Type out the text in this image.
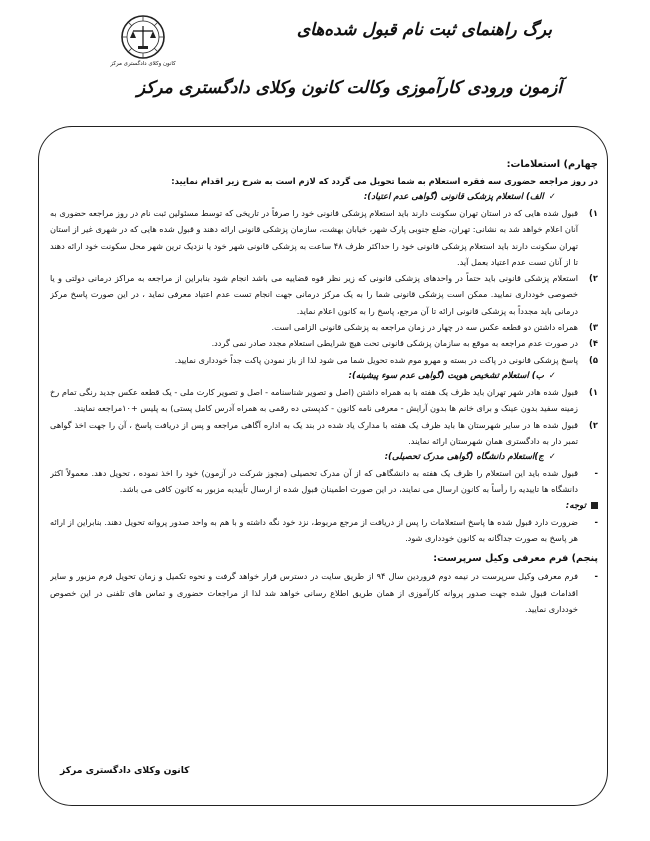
کانون وکلای دادگستری مرکز
برگ راهنمای ثبت نام قبول شده‌های
آزمون ورودی کارآموزی وکالت کانون وکلای دادگستری مرکز
چهارم) استعلامات:
در روز مراجعه حضوری سه فقره استعلام به شما تحویل می گردد که لازم است به شرح زیر اقدام نمایید:
✓الف) استعلام پزشکی قانونی (گواهی عدم اعتیاد):
۱)
قبول شده هایی که در استان تهران سکونت دارند باید استعلام پزشکی قانونی خود را صرفاً در تاریخی که توسط مسئولین ثبت نام در روز مراجعه حضوری به آنان اعلام خواهد شد به نشانی: تهران، ضلع جنوبی پارک شهر، خیابان بهشت، سازمان پزشکی قانونی ارائه دهند و قبول شده هایی که در شهری غیر از استان تهران سکونت دارند باید استعلام پزشکی قانونی خود را حداکثر ظرف ۴۸ ساعت به پزشکی قانونی شهر خود یا نزدیک ترین شهر محل سکونت خود ارائه دهند تا از آنان تست عدم اعتیاد بعمل آید.
۲)
استعلام پزشکی قانونی باید حتماً در واحدهای پزشکی قانونی که زیر نظر قوه قضاییه می باشد انجام شود بنابراین از مراجعه به مراکز درمانی دولتی و یا خصوصی خودداری نمایید. ممکن است پزشکی قانونی شما را به یک مرکز درمانی جهت انجام تست عدم اعتیاد معرفی نماید ، در این صورت پاسخ مرکز درمانی باید مجدداً به پزشکی قانونی ارائه تا آن مرجع، پاسخ را به کانون اعلام نماید.
۳)
همراه داشتن دو قطعه عکس سه در چهار در زمان مراجعه به پزشکی قانونی الزامی است.
۴)
در صورت عدم مراجعه به موقع به سازمان پزشکی قانونی تحت هیچ شرایطی استعلام مجدد صادر نمی گردد.
۵)
پاسخ پزشکی قانونی در پاکت در بسته و مهرو موم شده تحویل شما می شود لذا از باز نمودن پاکت جداً خودداری نمایید.
✓ب) استعلام تشخیص هویت (گواهی عدم سوء پیشینه):
۱)
قبول شده هادر شهر تهران باید ظرف یک هفته با به همراه داشتن (اصل و تصویر شناسنامه - اصل و تصویر کارت ملی - یک قطعه عکس جدید رنگی تمام رخ زمینه سفید بدون عینک و برای خانم ها بدون آرایش - معرفی نامه کانون - کدپستی ده رقمی به همراه آدرس کامل پستی) به پلیس +۱۰مراجعه نمایند.
۲)
قبول شده ها در سایر شهرستان ها باید ظرف یک هفته با مدارک یاد شده در بند یک به اداره آگاهی مراجعه و پس از دریافت پاسخ ، آن را جهت اخذ گواهی تمبر دار به دادگستری همان شهرستان ارائه نمایند.
✓ج)استعلام دانشگاه (گواهی مدرک تحصیلی):
-
قبول شده باید این استعلام را ظرف یک هفته به دانشگاهی که از آن مدرک تحصیلی (مجوز شرکت در آزمون) خود را اخذ نموده ، تحویل دهد. معمولاً اکثر دانشگاه ها تاییدیه را رأساً به کانون ارسال می نمایند، در این صورت اطمینان قبول شده از ارسال تأییدیه مزبور به کانون کافی می باشد.
توجه:
-
ضرورت دارد قبول شده ها پاسخ استعلامات را پس از دریافت از مرجع مربوط، نزد خود نگه داشته و با هم به واحد صدور پروانه تحویل دهند. بنابراین از ارائه هر پاسخ به صورت جداگانه به کانون خودداری شود.
پنجم) فرم معرفی وکیل سرپرست:
-
فرم معرفی وکیل سرپرست در نیمه دوم فروردین سال ۹۴ از طریق سایت در دسترس قرار خواهد گرفت و نحوه تکمیل و زمان تحویل فرم مزبور و سایر اقدامات قبول شده جهت صدور پروانه کارآموزی از همان طریق اطلاع رسانی خواهد شد لذا از مراجعات حضوری و تماس های تلفنی در این خصوص خودداری نمایید.
کانون وکلای دادگستری مرکز
